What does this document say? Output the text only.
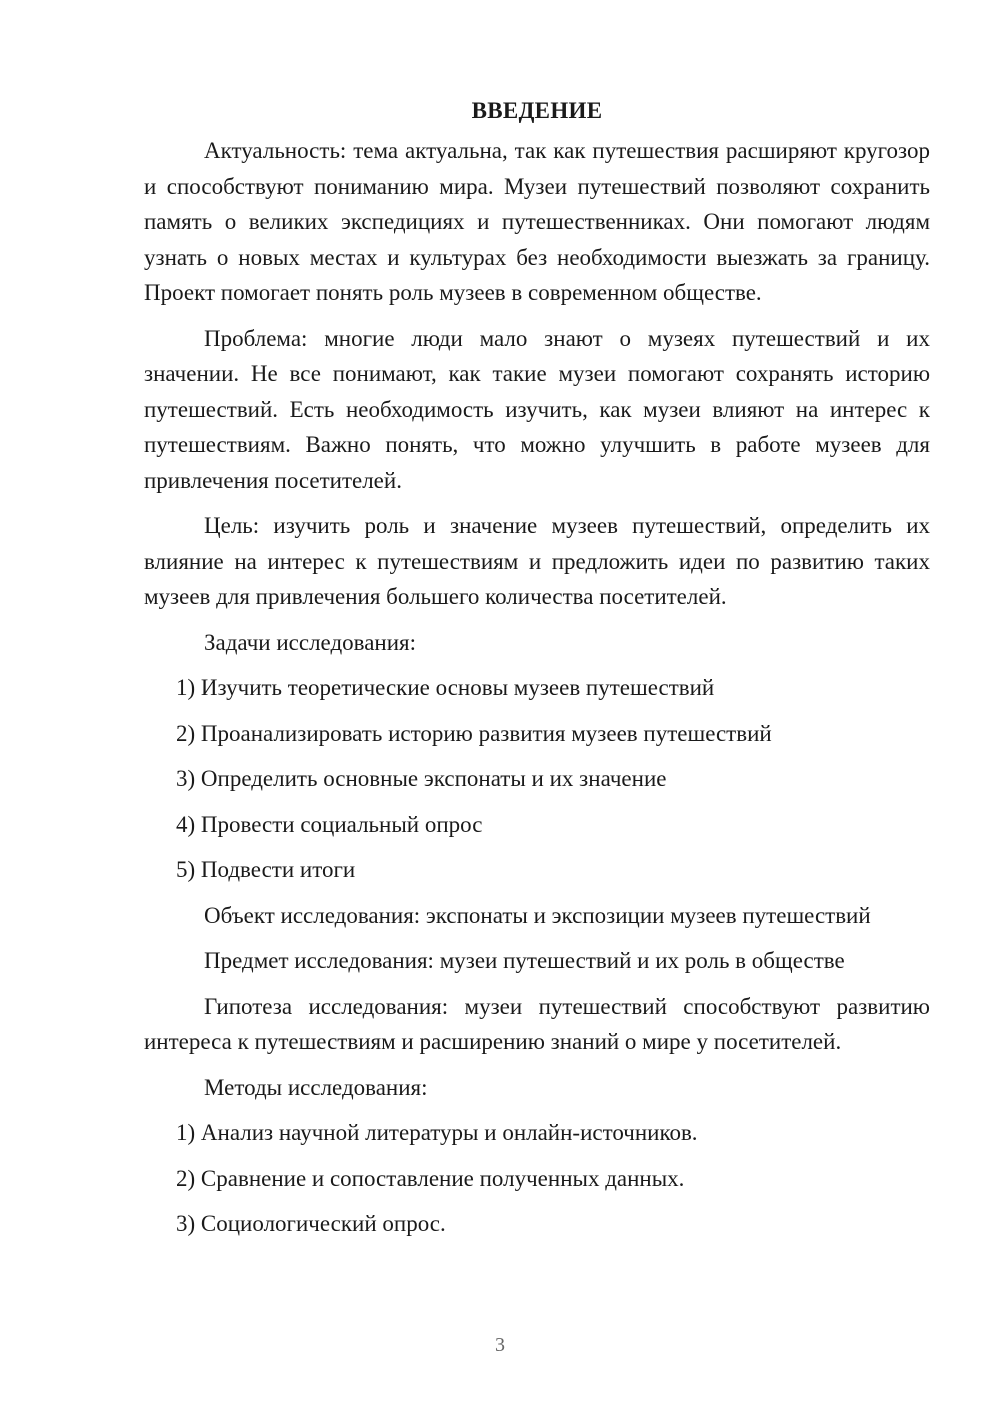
ВВЕДЕНИЕ

Актуальность: тема актуальна, так как путешествия расширяют кругозор и способствуют пониманию мира. Музеи путешествий позволяют сохранить память о великих экспедициях и путешественниках. Они помогают людям узнать о новых местах и культурах без необходимости выезжать за границу. Проект помогает понять роль музеев в современном обществе.

Проблема: многие люди мало знают о музеях путешествий и их значении. Не все понимают, как такие музеи помогают сохранять историю путешествий. Есть необходимость изучить, как музеи влияют на интерес к путешествиям. Важно понять, что можно улучшить в работе музеев для привлечения посетителей.

Цель: изучить роль и значение музеев путешествий, определить их влияние на интерес к путешествиям и предложить идеи по развитию таких музеев для привлечения большего количества посетителей.

Задачи исследования:
1) Изучить теоретические основы музеев путешествий
2) Проанализировать историю развития музеев путешествий
3) Определить основные экспонаты и их значение
4) Провести социальный опрос
5) Подвести итоги
Объект исследования: экспонаты и экспозиции музеев путешествий
Предмет исследования: музеи путешествий и их роль в обществе

Гипотеза исследования: музеи путешествий способствуют развитию интереса к путешествиям и расширению знаний о мире у посетителей.

Методы исследования:
1) Анализ научной литературы и онлайн-источников.
2) Сравнение и сопоставление полученных данных.
3) Социологический опрос.
3
